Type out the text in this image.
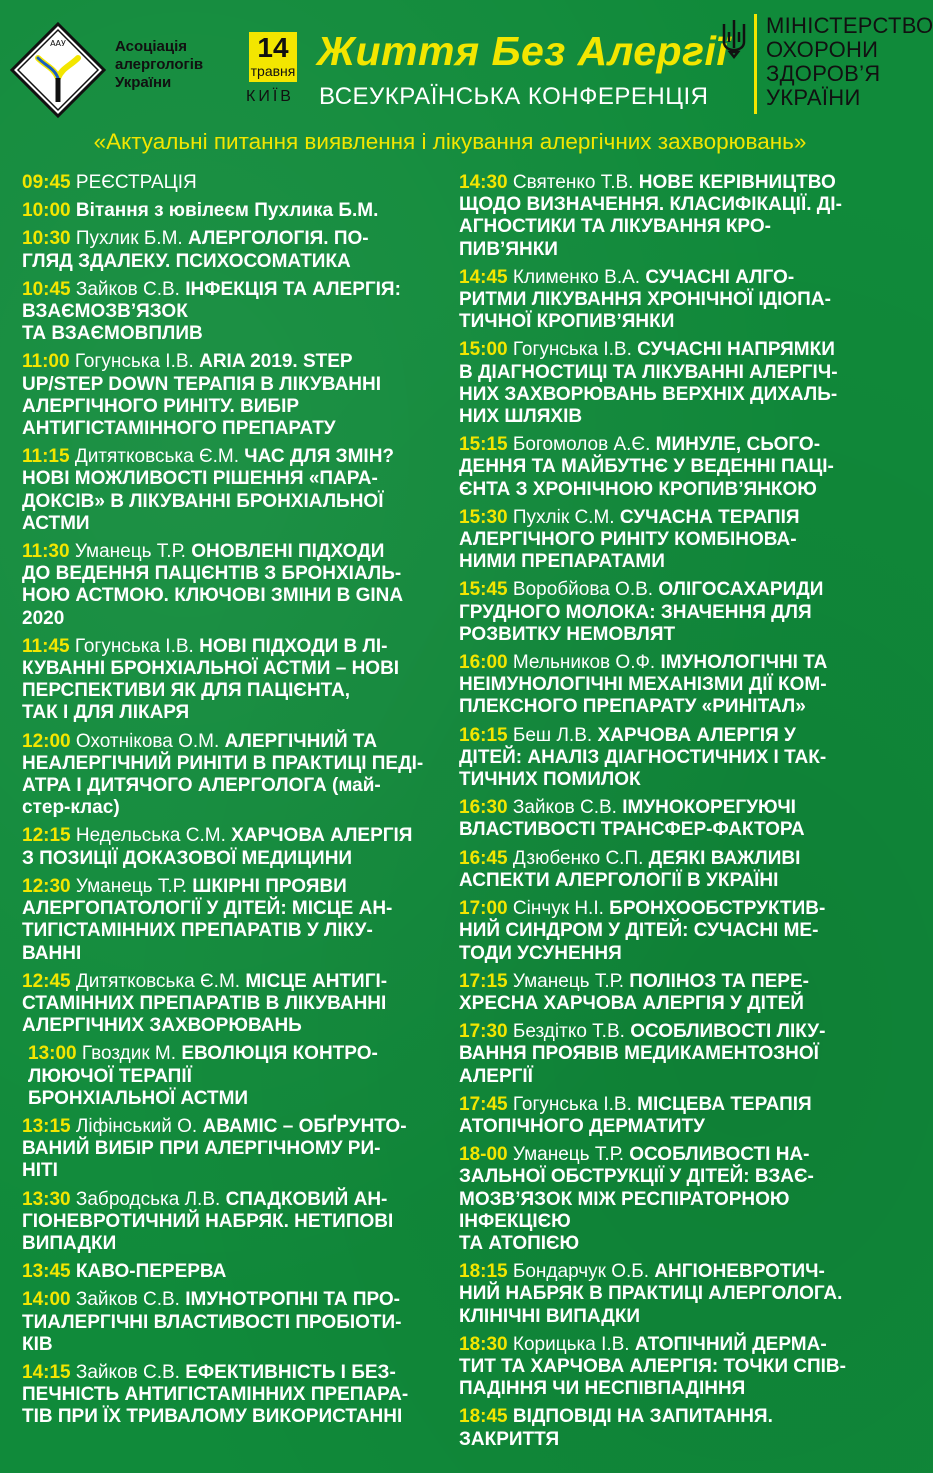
ААУ	Асоціація
алергологів
України
14
травня
КИЇВ
Життя Без Алергії
ВСЕУКРАЇНСЬКА КОНФЕРЕНЦІЯ
МІНІСТЕРСТВО
ОХОРОНИ
ЗДОРОВ’Я
УКРАЇНИ
«Актуальні питання виявлення і лікування алергічних захворювань»
09:45 РЕЄСТРАЦІЯ
10:00 Вітання з ювілеєм Пухлика Б.М.
10:30 Пухлик Б.М. АЛЕРГОЛОГІЯ. ПО-
ГЛЯД ЗДАЛЕКУ. ПСИХОСОМАТИКА
10:45 Зайков С.В. ІНФЕКЦІЯ ТА АЛЕРГІЯ:
ВЗАЄМОЗВ’ЯЗОК
ТА ВЗАЄМОВПЛИВ
11:00 Гогунська І.В. ARIA 2019. STEP
UP/STEP DOWN ТЕРАПІЯ В ЛІКУВАННІ
АЛЕРГІЧНОГО РИНІТУ. ВИБІР
АНТИГІСТАМІННОГО ПРЕПАРАТУ
11:15 Дитятковська Є.М. ЧАС ДЛЯ ЗМІН?
НОВІ МОЖЛИВОСТІ РІШЕННЯ «ПАРА-
ДОКСІВ» В ЛІКУВАННІ БРОНХІАЛЬНОЇ
АСТМИ
11:30 Уманець Т.Р. ОНОВЛЕНІ ПІДХОДИ
ДО ВЕДЕННЯ ПАЦІЄНТІВ З БРОНХІАЛЬ-
НОЮ АСТМОЮ. КЛЮЧОВІ ЗМІНИ В GINA
2020
11:45 Гогунська І.В. НОВІ ПІДХОДИ В ЛІ-
КУВАННІ БРОНХІАЛЬНОЇ АСТМИ – НОВІ
ПЕРСПЕКТИВИ ЯК ДЛЯ ПАЦІЄНТА,
ТАК І ДЛЯ ЛІКАРЯ
12:00 Охотнікова О.М. АЛЕРГІЧНИЙ ТА
НЕАЛЕРГІЧНИЙ РИНІТИ В ПРАКТИЦІ ПЕДІ-
АТРА І ДИТЯЧОГО АЛЕРГОЛОГА (май-
стер-клас)
12:15 Недельська С.М. ХАРЧОВА АЛЕРГІЯ
З ПОЗИЦІЇ ДОКАЗОВОЇ МЕДИЦИНИ
12:30 Уманець Т.Р. ШКІРНІ ПРОЯВИ
АЛЕРГОПАТОЛОГІЇ У ДІТЕЙ: МІСЦЕ АН-
ТИГІСТАМІННИХ ПРЕПАРАТІВ У ЛІКУ-
ВАННІ
12:45 Дитятковська Є.М. МІСЦЕ АНТИГІ-
СТАМІННИХ ПРЕПАРАТІВ В ЛІКУВАННІ
АЛЕРГІЧНИХ ЗАХВОРЮВАНЬ
13:00 Гвоздик М. ЕВОЛЮЦІЯ КОНТРО-
ЛЮЮЧОЇ ТЕРАПІЇ
БРОНХІАЛЬНОЇ АСТМИ
13:15 Ліфінський О. АВАМІС – ОБҐРУНТО-
ВАНИЙ ВИБІР ПРИ АЛЕРГІЧНОМУ РИ-
НІТІ
13:30 Забродська Л.В. СПАДКОВИЙ АН-
ГІОНЕВРОТИЧНИЙ НАБРЯК. НЕТИПОВІ
ВИПАДКИ
13:45 КАВО-ПЕРЕРВА
14:00 Зайков С.В. ІМУНОТРОПНІ ТА ПРО-
ТИАЛЕРГІЧНІ ВЛАСТИВОСТІ ПРОБІОТИ-
КІВ
14:15 Зайков С.В. ЕФЕКТИВНІСТЬ І БЕЗ-
ПЕЧНІСТЬ АНТИГІСТАМІННИХ ПРЕПАРА-
ТІВ ПРИ ЇХ ТРИВАЛОМУ ВИКОРИСТАННІ
14:30 Святенко Т.В. НОВЕ КЕРІВНИЦТВО
ЩОДО ВИЗНАЧЕННЯ. КЛАСИФІКАЦІЇ. ДІ-
АГНОСТИКИ ТА ЛІКУВАННЯ КРО-
ПИВ’ЯНКИ
14:45 Клименко В.А. СУЧАСНІ АЛГО-
РИТМИ ЛІКУВАННЯ ХРОНІЧНОЇ ІДІОПА-
ТИЧНОЇ КРОПИВ’ЯНКИ
15:00 Гогунська І.В. СУЧАСНІ НАПРЯМКИ
В ДІАГНОСТИЦІ ТА ЛІКУВАННІ АЛЕРГІЧ-
НИХ ЗАХВОРЮВАНЬ ВЕРХНІХ ДИХАЛЬ-
НИХ ШЛЯХІВ
15:15 Богомолов А.Є. МИНУЛЕ, СЬОГО-
ДЕННЯ ТА МАЙБУТНЄ У ВЕДЕННІ ПАЦІ-
ЄНТА З ХРОНІЧНОЮ КРОПИВ’ЯНКОЮ
15:30 Пухлік С.М. СУЧАСНА ТЕРАПІЯ
АЛЕРГІЧНОГО РИНІТУ КОМБІНОВА-
НИМИ ПРЕПАРАТАМИ
15:45 Воробйова О.В. ОЛІГОСАХАРИДИ
ГРУДНОГО МОЛОКА: ЗНАЧЕННЯ ДЛЯ
РОЗВИТКУ НЕМОВЛЯТ
16:00 Мельников О.Ф. ІМУНОЛОГІЧНІ ТА
НЕІМУНОЛОГІЧНІ МЕХАНІЗМИ ДІЇ КОМ-
ПЛЕКСНОГО ПРЕПАРАТУ «РИНІТАЛ»
16:15 Беш Л.В. ХАРЧОВА АЛЕРГІЯ У
ДІТЕЙ: АНАЛІЗ ДІАГНОСТИЧНИХ І ТАК-
ТИЧНИХ ПОМИЛОК
16:30 Зайков С.В. ІМУНОКОРЕГУЮЧІ
ВЛАСТИВОСТІ ТРАНСФЕР-ФАКТОРА
16:45 Дзюбенко С.П. ДЕЯКІ ВАЖЛИВІ
АСПЕКТИ АЛЕРГОЛОГІЇ В УКРАЇНІ
17:00 Сінчук Н.І. БРОНХООБСТРУКТИВ-
НИЙ СИНДРОМ У ДІТЕЙ: СУЧАСНІ МЕ-
ТОДИ УСУНЕННЯ
17:15 Уманець Т.Р. ПОЛІНОЗ ТА ПЕРЕ-
ХРЕСНА ХАРЧОВА АЛЕРГІЯ У ДІТЕЙ
17:30 Бездітко Т.В. ОСОБЛИВОСТІ ЛІКУ-
ВАННЯ ПРОЯВІВ МЕДИКАМЕНТОЗНОЇ
АЛЕРГІЇ
17:45 Гогунська І.В. МІСЦЕВА ТЕРАПІЯ
АТОПІЧНОГО ДЕРМАТИТУ
18-00 Уманець Т.Р. ОСОБЛИВОСТІ НА-
ЗАЛЬНОЇ ОБСТРУКЦІЇ У ДІТЕЙ: ВЗАЄ-
МОЗВ’ЯЗОК МІЖ РЕСПІРАТОРНОЮ
ІНФЕКЦІЄЮ
ТА АТОПІЄЮ
18:15 Бондарчук О.Б. АНГІОНЕВРОТИЧ-
НИЙ НАБРЯК В ПРАКТИЦІ АЛЕРГОЛОГА.
КЛІНІЧНІ ВИПАДКИ
18:30 Корицька І.В. АТОПІЧНИЙ ДЕРМА-
ТИТ ТА ХАРЧОВА АЛЕРГІЯ: ТОЧКИ СПІВ-
ПАДІННЯ ЧИ НЕСПІВПАДІННЯ
18:45 ВІДПОВІДІ НА ЗАПИТАННЯ.
ЗАКРИТТЯ
